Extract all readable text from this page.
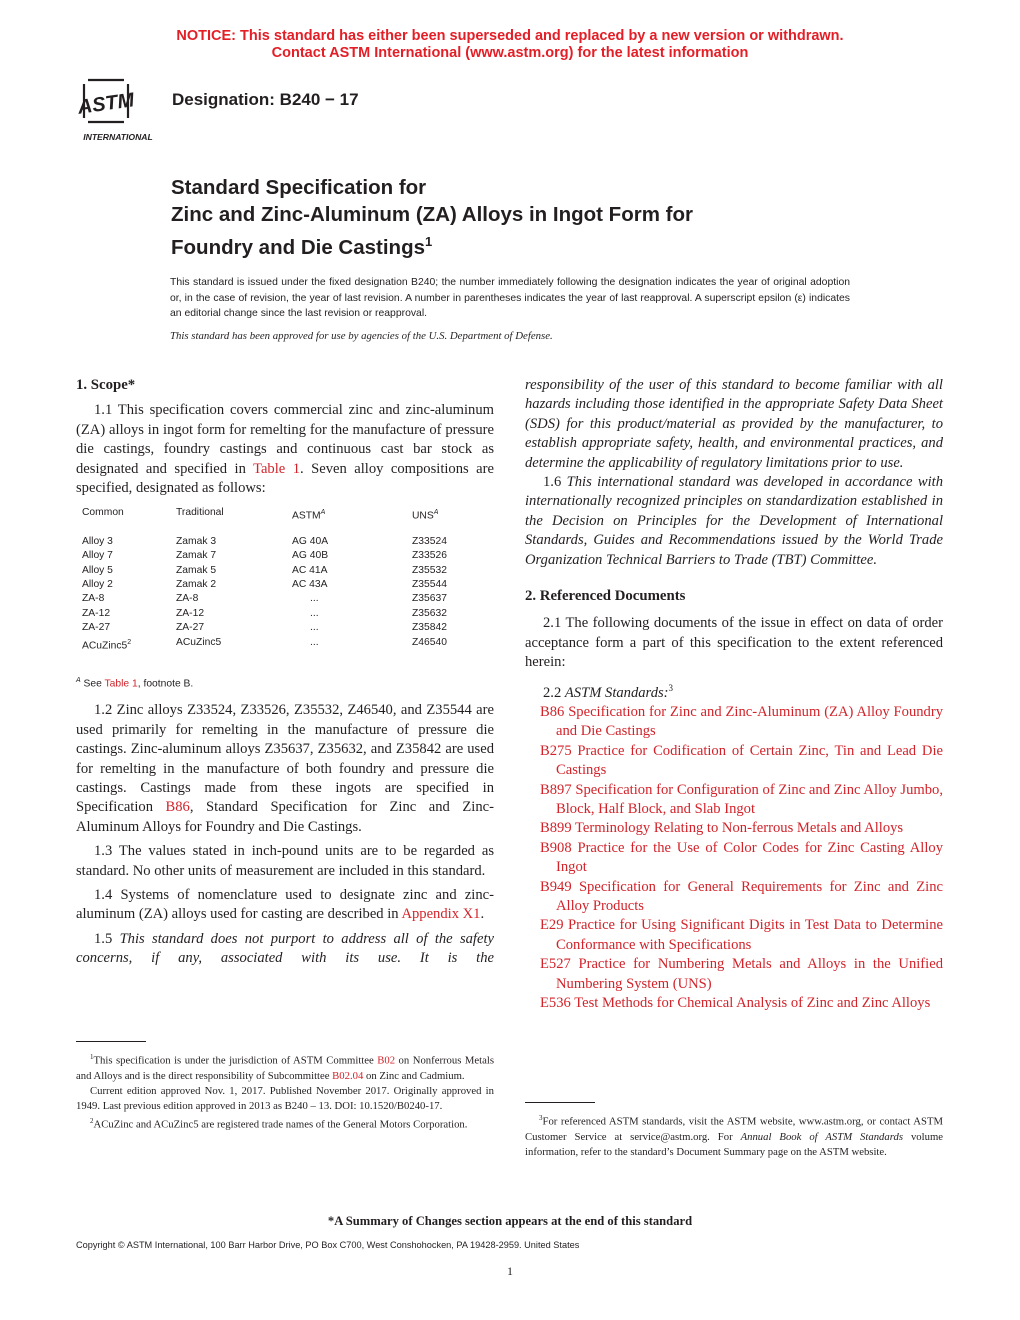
NOTICE: This standard has either been superseded and replaced by a new version or withdrawn.
Contact ASTM International (www.astm.org) for the latest information
ASTM
INTERNATIONAL
Designation: B240 − 17
Standard Specification for
Zinc and Zinc-Aluminum (ZA) Alloys in Ingot Form for
Foundry and Die Castings$^1$
This standard is issued under the fixed designation B240; the number immediately following the designation indicates the year of original adoption or, in the case of revision, the year of last revision. A number in parentheses indicates the year of last reapproval. A superscript epsilon (ε) indicates an editorial change since the last revision or reapproval.
This standard has been approved for use by agencies of the U.S. Department of Defense.
1. Scope*

1.1 This specification covers commercial zinc and zinc-aluminum (ZA) alloys in ingot form for remelting for the manufacture of pressure die castings, foundry castings and continuous cast bar stock as designated and specified in Table 1. Seven alloy compositions are specified, designated as follows:

Common	Traditional	$ASTM^A$	$UNS^A$
Alloy 3	Zamak 3	AG 40A	Z33524
Alloy 7	Zamak 7	AG 40B	Z33526
Alloy 5	Zamak 5	AC 41A	Z35532
Alloy 2	Zamak 2	AC 43A	Z35544
ZA-8	ZA-8	...	Z35637
ZA-12	ZA-12	...	Z35632
ZA-27	ZA-27	...	Z35842
$ACuZinc5^2$	ACuZinc5	...	Z46540
$^A$ See Table 1, footnote B.

1.2 Zinc alloys Z33524, Z33526, Z35532, Z46540, and Z35544 are used primarily for remelting in the manufacture of pressure die castings. Zinc-aluminum alloys Z35637, Z35632, and Z35842 are used for remelting in the manufacture of both foundry and pressure die castings. Castings made from these ingots are specified in Specification B86, Standard Specification for Zinc and Zinc-Aluminum Alloys for Foundry and Die Castings.

1.3 The values stated in inch-pound units are to be regarded as standard. No other units of measurement are included in this standard.

1.4 Systems of nomenclature used to designate zinc and zinc-aluminum (ZA) alloys used for casting are described in Appendix X1.

1.5 This standard does not purport to address all of the safety concerns, if any, associated with its use. It is the

$^1$This specification is under the jurisdiction of ASTM Committee B02 on Nonferrous Metals and Alloys and is the direct responsibility of Subcommittee B02.04 on Zinc and Cadmium.

Current edition approved Nov. 1, 2017. Published November 2017. Originally approved in 1949. Last previous edition approved in 2013 as B240 – 13. DOI: 10.1520/B0240-17.

$^2$ACuZinc and ACuZinc5 are registered trade names of the General Motors Corporation.

responsibility of the user of this standard to become familiar with all hazards including those identified in the appropriate Safety Data Sheet (SDS) for this product/material as provided by the manufacturer, to establish appropriate safety, health, and environmental practices, and determine the applicability of regulatory limitations prior to use.

1.6 This international standard was developed in accordance with internationally recognized principles on standardization established in the Decision on Principles for the Development of International Standards, Guides and Recommendations issued by the World Trade Organization Technical Barriers to Trade (TBT) Committee.

2. Referenced Documents

2.1 The following documents of the issue in effect on data of order acceptance form a part of this specification to the extent referenced herein:

2.2 ASTM Standards:$^3$

B86 Specification for Zinc and Zinc-Aluminum (ZA) Alloy Foundry and Die Castings
B275 Practice for Codification of Certain Zinc, Tin and Lead Die Castings
B897 Specification for Configuration of Zinc and Zinc Alloy Jumbo, Block, Half Block, and Slab Ingot
B899 Terminology Relating to Non-ferrous Metals and Alloys
B908 Practice for the Use of Color Codes for Zinc Casting Alloy Ingot
B949 Specification for General Requirements for Zinc and Zinc Alloy Products
E29 Practice for Using Significant Digits in Test Data to Determine Conformance with Specifications
E527 Practice for Numbering Metals and Alloys in the Unified Numbering System (UNS)
E536 Test Methods for Chemical Analysis of Zinc and Zinc Alloys

$^3$For referenced ASTM standards, visit the ASTM website, www.astm.org, or contact ASTM Customer Service at service@astm.org. For Annual Book of ASTM Standards volume information, refer to the standard’s Document Summary page on the ASTM website.

*A Summary of Changes section appears at the end of this standard
Copyright © ASTM International, 100 Barr Harbor Drive, PO Box C700, West Conshohocken, PA 19428-2959. United States
1
